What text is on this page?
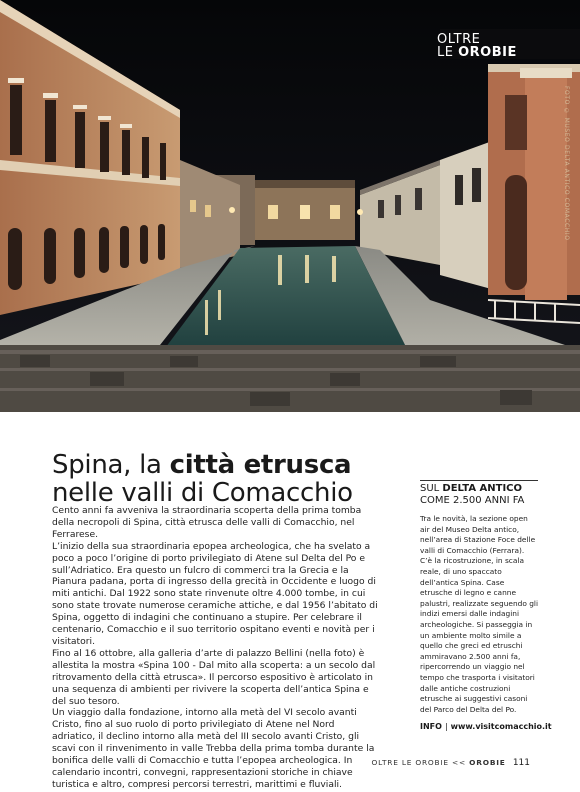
OLTRE
LE OROBIE
FOTO © MUSEO DELTA ANTICO COMACCHIO
Spina, la città etrusca
nelle valli di Comacchio

Cento anni fa avveniva la straordinaria scoperta della prima tomba della necropoli di Spina, città etrusca delle valli di Comacchio, nel Ferrarese.

L’inizio della sua straordinaria epopea archeologica, che ha svelato a poco a poco l’origine di porto privilegiato di Atene sul Delta del Po e sull’Adriatico. Era questo un fulcro di commerci tra la Grecia e la Pianura padana, porta di ingresso della grecità in Occidente e luogo di miti antichi. Dal 1922 sono state rinvenute oltre 4.000 tombe, in cui sono state trovate numerose ceramiche attiche, e dal 1956 l’abitato di Spina, oggetto di indagini che continuano a stupire. Per celebrare il centenario, Comacchio e il suo territorio ospitano eventi e novità per i visitatori.

Fino al 16 ottobre, alla galleria d’arte di palazzo Bellini (nella foto) è allestita la mostra «Spina 100 - Dal mito alla scoperta: a un secolo dal ritrovamento della città etrusca». Il percorso espositivo è articolato in una sequenza di ambienti per rivivere la scoperta dell’antica Spina e del suo tesoro.

Un viaggio dalla fondazione, intorno alla metà del VI secolo avanti Cristo, fino al suo ruolo di porto privilegiato di Atene nel Nord adriatico, il declino intorno alla metà del III secolo avanti Cristo, gli scavi con il rinvenimento in valle Trebba della prima tomba durante la bonifica delle valli di Comacchio e tutta l’epopea archeologica. In calendario incontri, convegni, rappresentazioni storiche in chiave turistica e altro, compresi percorsi terrestri, marittimi e fluviali.

SUL DELTA ANTICO
COME 2.500 ANNI FA
Tra le novità, la sezione open air del Museo Delta antico, nell’area di Stazione Foce delle valli di Comacchio (Ferrara). C’è la ricostruzione, in scala reale, di uno spaccato dell’antica Spina. Case etrusche di legno e canne palustri, realizzate seguendo gli indizi emersi dalle indagini archeologiche. Si passeggia in un ambiente molto simile a quello che greci ed etruschi ammiravano 2.500 anni fa, ripercorrendo un viaggio nel tempo che trasporta i visitatori dalle antiche costruzioni etrusche ai suggestivi casoni del Parco del Delta del Po.
INFO | www.visitcomacchio.it
OLTRE LE OROBIE << OROBIE 111
